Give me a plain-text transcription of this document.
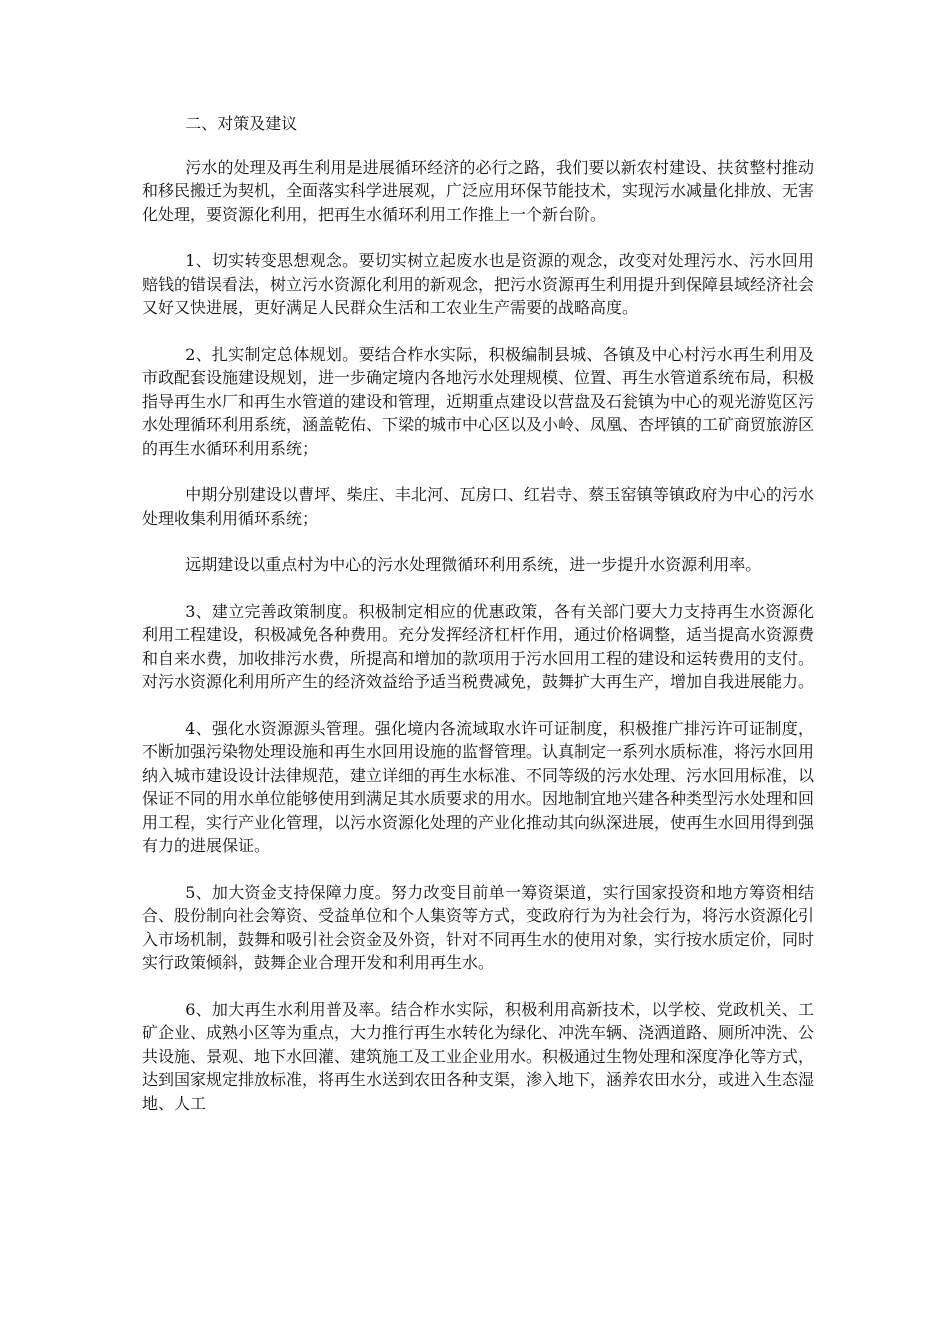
二、对策及建议

污水的处理及再生利用是进展循环经济的必行之路，我们要以新农村建设、扶贫整村推动和移民搬迁为契机，全面落实科学进展观，广泛应用环保节能技术，实现污水减量化排放、无害化处理，要资源化利用，把再生水循环利用工作推上一个新台阶。

1、切实转变思想观念。要切实树立起废水也是资源的观念，改变对处理污水、污水回用赔钱的错误看法，树立污水资源化利用的新观念，把污水资源再生利用提升到保障县域经济社会又好又快进展，更好满足人民群众生活和工农业生产需要的战略高度。

2、扎实制定总体规划。要结合柞水实际，积极编制县城、各镇及中心村污水再生利用及市政配套设施建设规划，进一步确定境内各地污水处理规模、位置、再生水管道系统布局，积极指导再生水厂和再生水管道的建设和管理，近期重点建设以营盘及石瓮镇为中心的观光游览区污水处理循环利用系统，涵盖乾佑、下梁的城市中心区以及小岭、凤凰、杏坪镇的工矿商贸旅游区的再生水循环利用系统；

中期分别建设以曹坪、柴庄、丰北河、瓦房口、红岩寺、蔡玉窑镇等镇政府为中心的污水处理收集利用循环系统；

远期建设以重点村为中心的污水处理微循环利用系统，进一步提升水资源利用率。

3、建立完善政策制度。积极制定相应的优惠政策，各有关部门要大力支持再生水资源化利用工程建设，积极减免各种费用。充分发挥经济杠杆作用，通过价格调整，适当提高水资源费和自来水费，加收排污水费，所提高和增加的款项用于污水回用工程的建设和运转费用的支付。对污水资源化利用所产生的经济效益给予适当税费减免，鼓舞扩大再生产，增加自我进展能力。

4、强化水资源源头管理。强化境内各流域取水许可证制度，积极推广排污许可证制度，不断加强污染物处理设施和再生水回用设施的监督管理。认真制定一系列水质标准，将污水回用纳入城市建设设计法律规范，建立详细的再生水标准、不同等级的污水处理、污水回用标准，以保证不同的用水单位能够使用到满足其水质要求的用水。因地制宜地兴建各种类型污水处理和回用工程，实行产业化管理，以污水资源化处理的产业化推动其向纵深进展，使再生水回用得到强有力的进展保证。

5、加大资金支持保障力度。努力改变目前单一筹资渠道，实行国家投资和地方筹资相结合、股份制向社会筹资、受益单位和个人集资等方式，变政府行为为社会行为，将污水资源化引入市场机制，鼓舞和吸引社会资金及外资，针对不同再生水的使用对象，实行按水质定价，同时实行政策倾斜，鼓舞企业合理开发和利用再生水。

6、加大再生水利用普及率。结合柞水实际，积极利用高新技术，以学校、党政机关、工矿企业、成熟小区等为重点，大力推行再生水转化为绿化、冲洗车辆、浇洒道路、厕所冲洗、公共设施、景观、地下水回灌、建筑施工及工业企业用水。积极通过生物处理和深度净化等方式，达到国家规定排放标准，将再生水送到农田各种支渠，渗入地下，涵养农田水分，或进入生态湿地、人工
